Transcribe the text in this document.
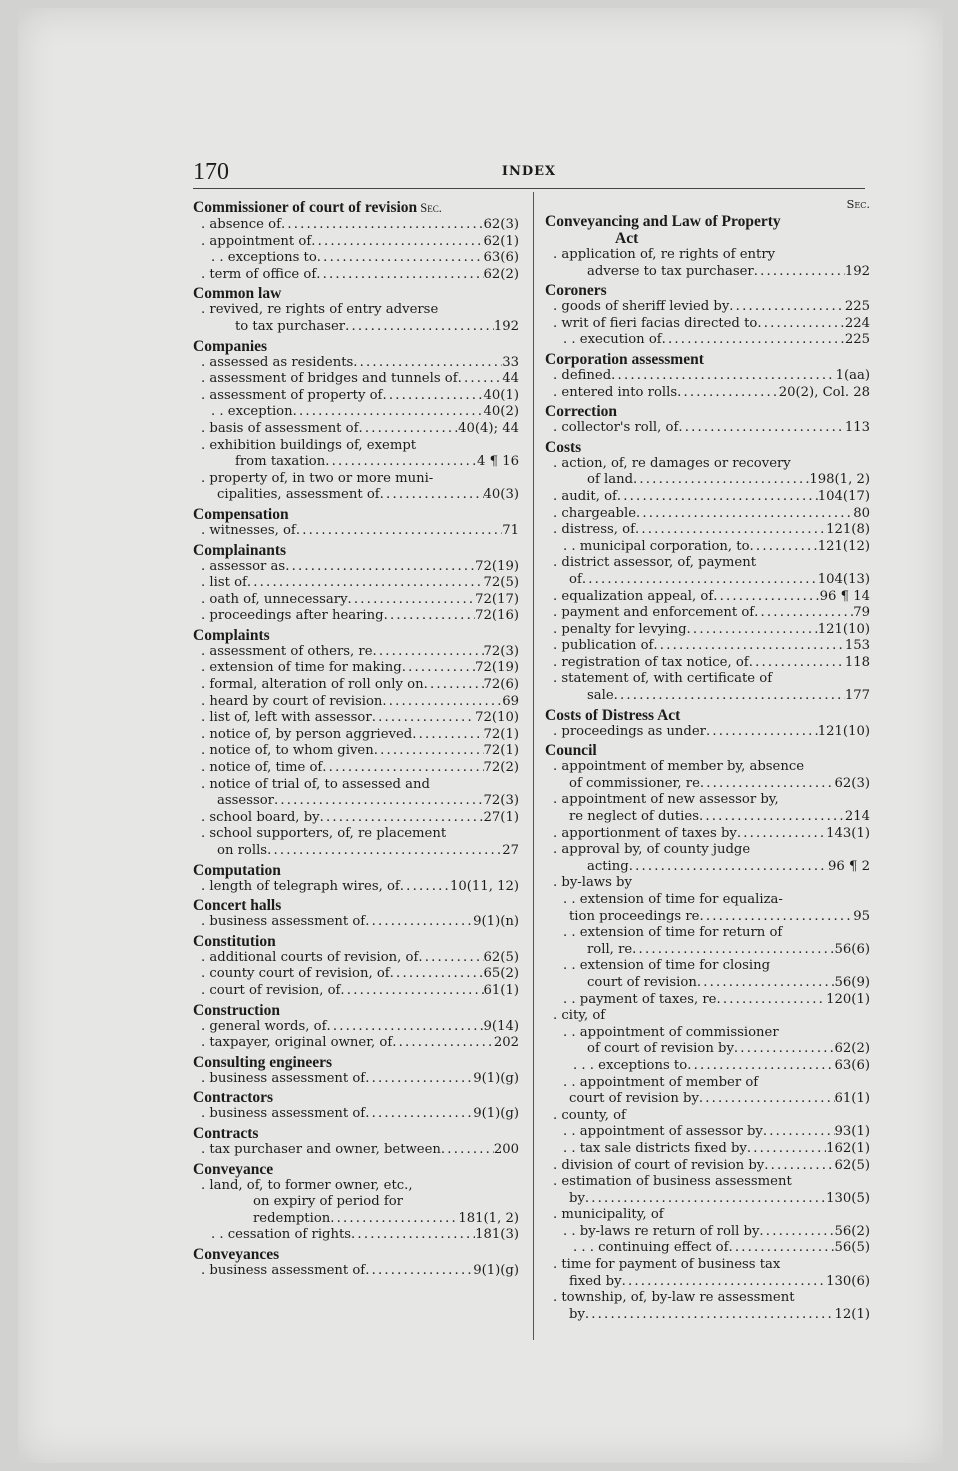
170	INDEX
Commissioner of court of revision Sec.
. absence of . . .	62(3)
. appointment of . . .	62(1)
. . exceptions to . . .	63(6)
. term of office of . . .	62(2)
Common law
. revived, re rights of entry adverse
to tax purchaser . . .	192
Companies
. assessed as residents . . .	33
. assessment of bridges and tunnels of . . .	44
. assessment of property of . . .	40(1)
. . exception . . .	40(2)
. basis of assessment of . . .	40(4); 44
. exhibition buildings of, exempt
from taxation . . .	4 ¶ 16
. property of, in two or more muni-
cipalities, assessment of . . .	40(3)
Compensation
. witnesses, of . . .	71
Complainants
. assessor as . . .	72(19)
. list of . . .	72(5)
. oath of, unnecessary . . .	72(17)
. proceedings after hearing . . .	72(16)
Complaints
. assessment of others, re . . .	72(3)
. extension of time for making . . .	72(19)
. formal, alteration of roll only on . . .	72(6)
. heard by court of revision . . .	69
. list of, left with assessor . . .	72(10)
. notice of, by person aggrieved . . .	72(1)
. notice of, to whom given . . .	72(1)
. notice of, time of . . .	72(2)
. notice of trial of, to assessed and
assessor . . .	72(3)
. school board, by . . .	27(1)
. school supporters, of, re placement
on rolls . . .	27
Computation
. length of telegraph wires, of . . .	10(11, 12)
Concert halls
. business assessment of . . .	9(1)(n)
Constitution
. additional courts of revision, of . . .	62(5)
. county court of revision, of . . .	65(2)
. court of revision, of . . .	61(1)
Construction
. general words, of . . .	9(14)
. taxpayer, original owner, of . . .	202
Consulting engineers
. business assessment of . . .	9(1)(g)
Contractors
. business assessment of . . .	9(1)(g)
Contracts
. tax purchaser and owner, between . . .	200
Conveyance
. land, of, to former owner, etc.,
on expiry of period for
redemption . . .	181(1, 2)
. . cessation of rights . . .	181(3)
Conveyances
. business assessment of . . .	9(1)(g)
Sec.
Conveyancing and Law of Property
Act
. application of, re rights of entry
adverse to tax purchaser . . .	192
Coroners
. goods of sheriff levied by . . .	225
. writ of fieri facias directed to . . .	224
. . execution of . . .	225
Corporation assessment
. defined . . .	1(aa)
. entered into rolls . . .	20(2), Col. 28
Correction
. collector's roll, of . . .	113
Costs
. action, of, re damages or recovery
of land . . .	198(1, 2)
. audit, of . . .	104(17)
. chargeable . . .	80
. distress, of . . .	121(8)
. . municipal corporation, to . . .	121(12)
. district assessor, of, payment
of . . .	104(13)
. equalization appeal, of . . .	96 ¶ 14
. payment and enforcement of . . .	79
. penalty for levying . . .	121(10)
. publication of . . .	153
. registration of tax notice, of . . .	118
. statement of, with certificate of
sale . . .	177
Costs of Distress Act
. proceedings as under . . .	121(10)
Council
. appointment of member by, absence
of commissioner, re . . .	62(3)
. appointment of new assessor by,
re neglect of duties . . .	214
. apportionment of taxes by . . .	143(1)
. approval by, of county judge
acting . . .	96 ¶ 2
. by-laws by
. . extension of time for equaliza-
tion proceedings re . . .	95
. . extension of time for return of
roll, re . . .	56(6)
. . extension of time for closing
court of revision . . .	56(9)
. . payment of taxes, re . . .	120(1)
. city, of
. . appointment of commissioner
of court of revision by . . .	62(2)
. . . exceptions to . . .	63(6)
. . appointment of member of
court of revision by . . .	61(1)
. county, of
. . appointment of assessor by . . .	93(1)
. . tax sale districts fixed by . . .	162(1)
. division of court of revision by . . .	62(5)
. estimation of business assessment
by . . .	130(5)
. municipality, of
. . by-laws re return of roll by . . .	56(2)
. . . continuing effect of . . .	56(5)
. time for payment of business tax
fixed by . . .	130(6)
. township, of, by-law re assessment
by . . .	12(1)
